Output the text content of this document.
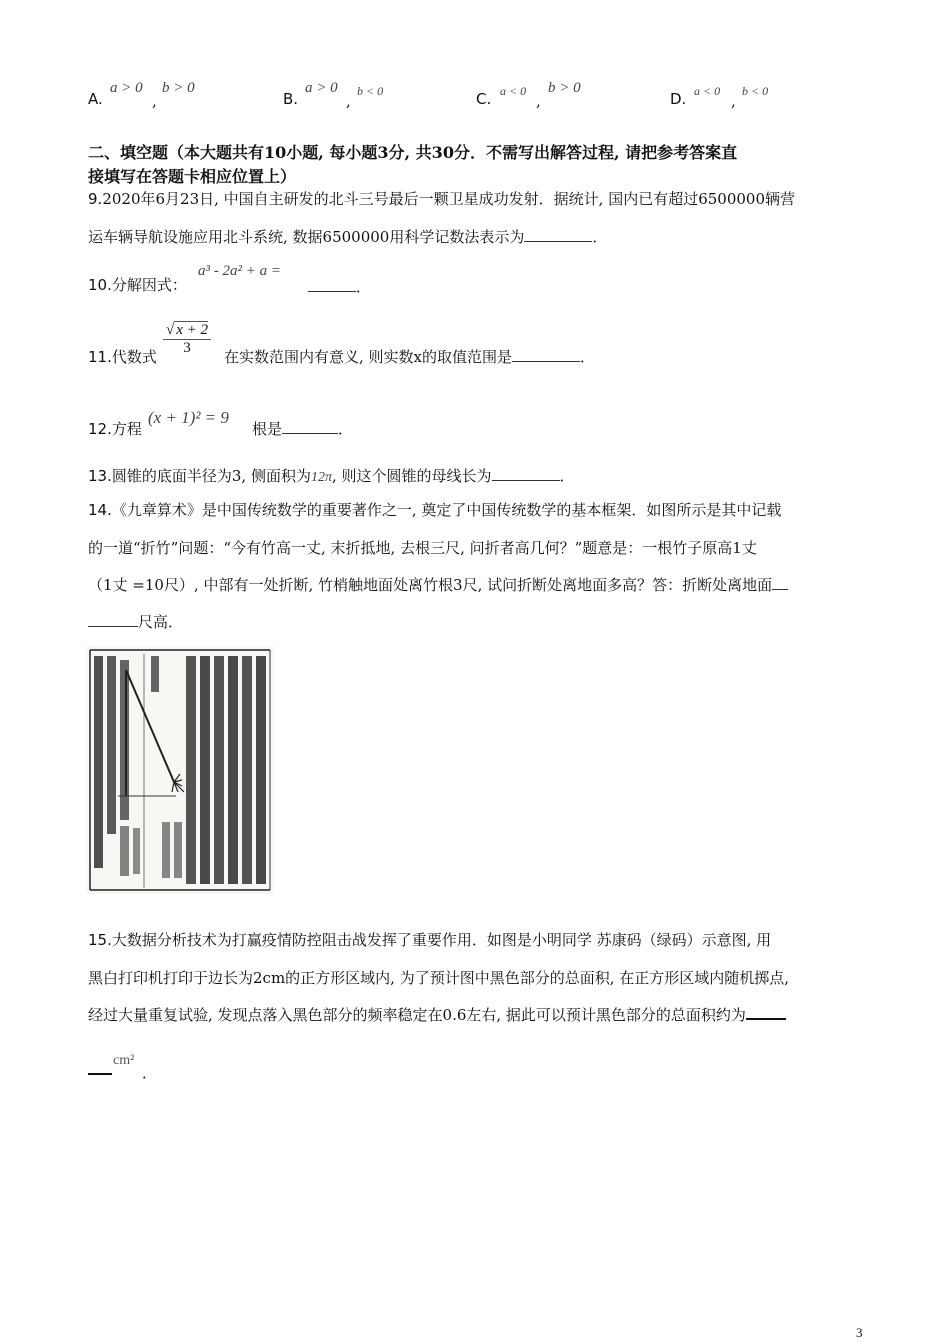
A.
a > 0
,
b > 0
B.
a > 0
,
b < 0	C. a < 0
,
b > 0
D. a < 0
,
b < 0
二、填空题（本大题共有10小题, 每小题3分, 共30分．不需写出解答过程, 请把参考答案直
接填写在答题卡相应位置上）
9.2020年6月23日, 中国自主研发的北斗三号最后一颗卫星成功发射．据统计, 国内已有超过6500000辆营
运车辆导航设施应用北斗系统, 数据6500000用科学记数法表示为	．
10.分解因式：
a³ - 2a² + a =
．
11.代数式 $\frac{√ x + 2}{3}$ 在实数范围内有意义, 则实数x的取值范围是	．
12.方程
(x + 1)² = 9
根是	．
13.圆锥的底面半径为3, 侧面积为12π, 则这个圆锥的母线长为	．
14.《九章算术》是中国传统数学的重要著作之一, 奠定了中国传统数学的基本框架．如图所示是其中记载
的一道“折竹”问题：“今有竹高一丈, 末折抵地, 去根三尺, 问折者高几何？”题意是：一根竹子原高1丈
（1丈 =10尺）, 中部有一处折断, 竹梢触地面处离竹根3尺, 试问折断处离地面多高？答：折断处离地面
尺高．
15.大数据分析技术为打赢疫情防控阻击战发挥了重要作用．如图是小明同学 苏康码（绿码）示意图, 用
黑白打印机打印于边长为2cm的正方形区域内, 为了预计图中黑色部分的总面积, 在正方形区域内随机掷点,
经过大量重复试验, 发现点落入黑色部分的频率稳定在0.6左右, 据此可以预计黑色部分的总面积约为
cm²
．
3
